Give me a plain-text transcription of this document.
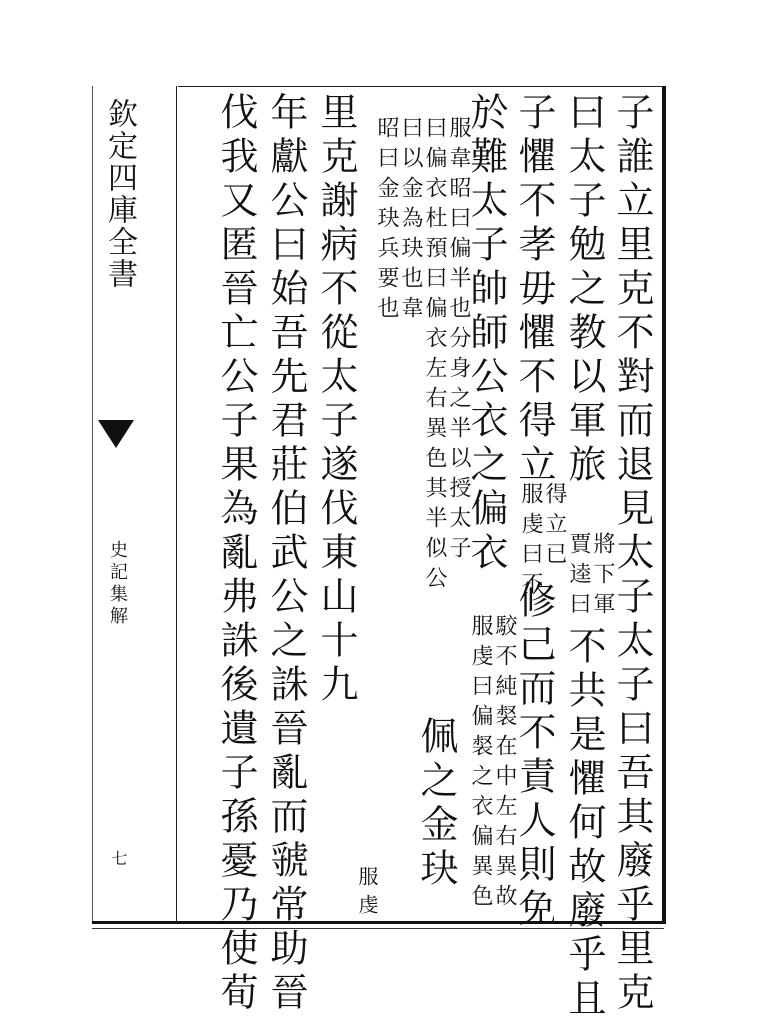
欽定四庫全書
史記集解
七	子誰立里克不對而退見太子太子曰吾其廢乎里克
曰太子勉之教以軍旅
賈逵曰 將下軍
不共是懼何故廢乎且
子懼不孝毋懼不得立
服虔曰不 得立已
修己而不責人則免
於難太子帥師公衣之偏衣
服虔曰偏裻之衣偏異色 駮不純裻在中左右異故
曰偏衣杜預曰偏衣左右異色其半似公 服韋昭曰偏半也分身之半以授太子
佩之金玦
曰以金為玦也韋
昭曰金玦兵要也
里克謝病不從太子遂伐東山十九
年獻公曰始吾先君莊伯武公之誅晉亂而虢常助晉
伐我又匿晉亡公子果為亂弗誅後遺子孫憂乃使荀	服虔
